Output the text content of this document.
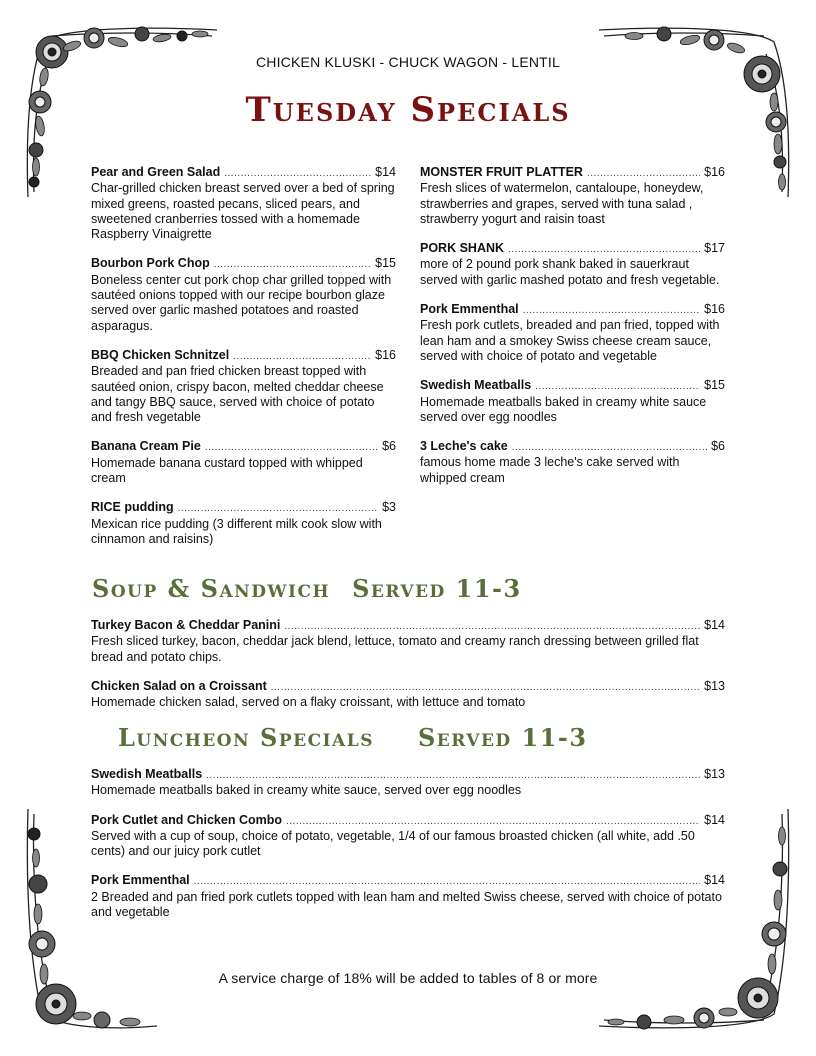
CHICKEN KLUSKI - CHUCK WAGON - LENTIL
Tuesday Specials
Pear and Green Salad .....	$14

Char-grilled chicken breast served over a bed of spring mixed greens, roasted pecans, sliced pears, and sweetened cranberries tossed with a homemade Raspberry Vinaigrette

Bourbon Pork Chop .....	$15

Boneless center cut pork chop char grilled topped with sautéed onions topped with our recipe bourbon glaze served over garlic mashed potatoes and roasted asparagus.

BBQ Chicken Schnitzel .....	$16

Breaded and pan fried chicken breast topped with sautéed onion, crispy bacon, melted cheddar cheese and tangy BBQ sauce, served with choice of potato and fresh vegetable

Banana Cream Pie .....	$6

Homemade banana custard topped with whipped cream

RICE pudding .....	$3

Mexican rice pudding (3 different milk cook slow with cinnamon and raisins)

MONSTER FRUIT PLATTER .....	$16

Fresh slices of watermelon, cantaloupe, honeydew, strawberries and grapes, served with tuna salad , strawberry yogurt and raisin toast

PORK SHANK .....	$17

more of 2 pound pork shank baked in sauerkraut served with garlic mashed potato and fresh vegetable.

Pork Emmenthal .....	$16

Fresh pork cutlets, breaded and pan fried, topped with lean ham and a smokey Swiss cheese cream sauce, served with choice of potato and vegetable

Swedish Meatballs .....	$15

Homemade meatballs baked in creamy white sauce served over egg noodles

3 Leche's cake .....	$6

famous home made 3 leche's cake served with whipped cream

Soup & Sandwich Served 11-3
Turkey Bacon & Cheddar Panini .....	$14

Fresh sliced turkey, bacon, cheddar jack blend, lettuce, tomato and creamy ranch dressing between grilled flat bread and potato chips.

Chicken Salad on a Croissant .....	$13

Homemade chicken salad, served on a flaky croissant, with lettuce and tomato

Luncheon Specials Served 11-3
Swedish Meatballs .....	$13

Homemade meatballs baked in creamy white sauce, served over egg noodles

Pork Cutlet and Chicken Combo .....	$14

Served with a cup of soup, choice of potato, vegetable, 1/4 of our famous broasted chicken (all white, add .50 cents) and our juicy pork cutlet

Pork Emmenthal .....	$14

2 Breaded and pan fried pork cutlets topped with lean ham and melted Swiss cheese, served with choice of potato and vegetable

A service charge of 18% will be added to tables of 8 or more
